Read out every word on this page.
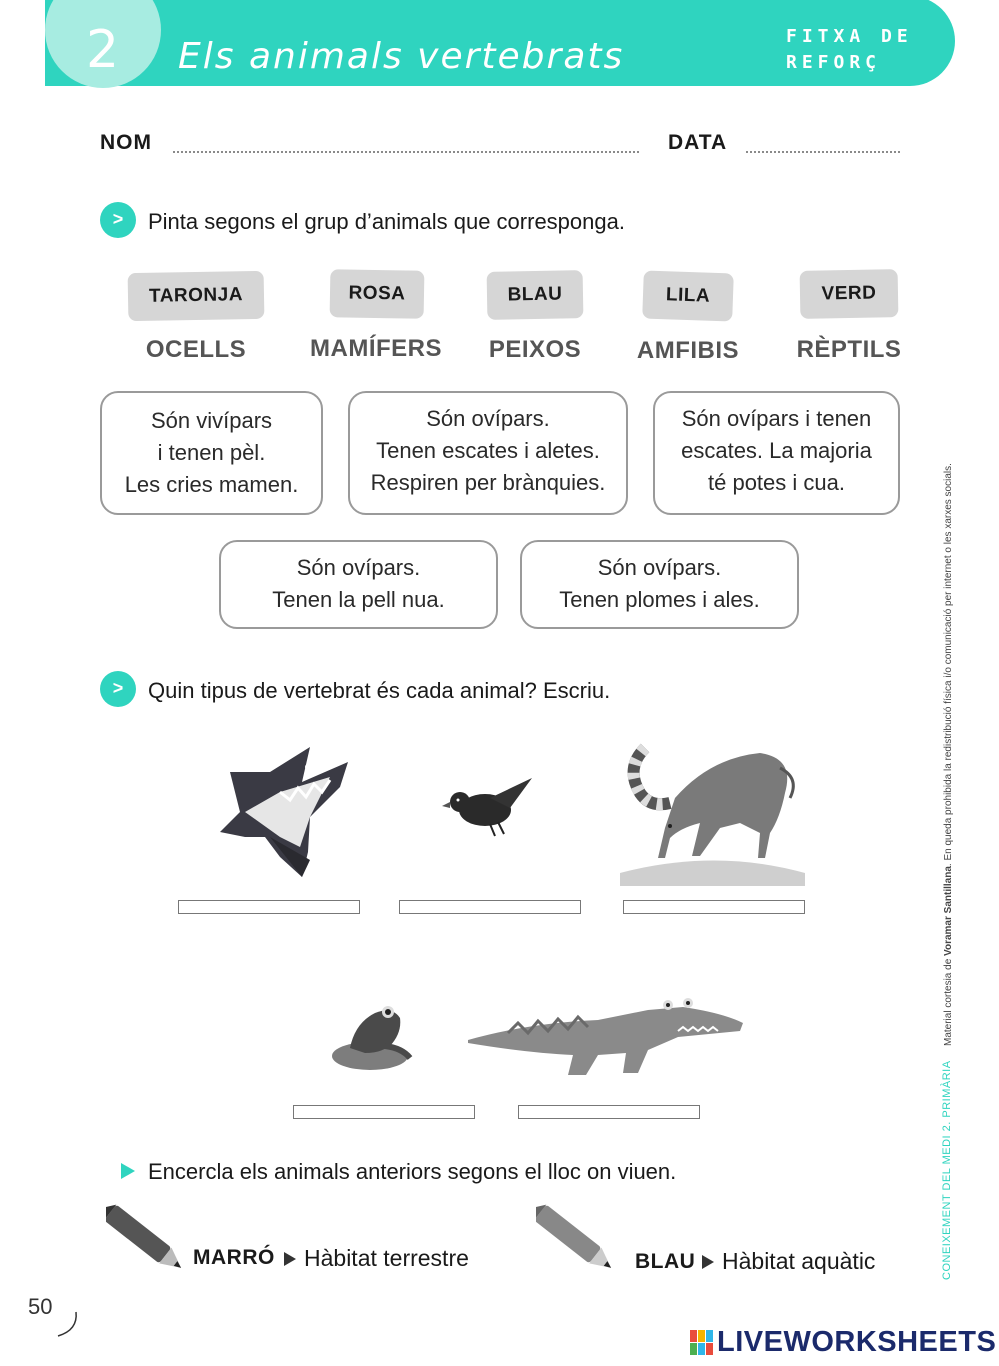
2 Els animals vertebrats	FITXA DE
REFORÇ
NOM	DATA
>	Pinta segons el grup d’animals que corresponga.
TARONJA	ROSA	BLAU	LILA	VERD
OCELLS	MAMÍFERS	PEIXOS	AMFIBIS	RÈPTILS
Són vivípars
i tenen pèl.
Les cries mamen.
Són ovípars.
Tenen escates i aletes.
Respiren per brànquies.
Són ovípars i tenen
escates. La majoria
té potes i cua.
Són ovípars.
Tenen la pell nua.
Són ovípars.
Tenen plomes i ales.
>	Quin tipus de vertebrat és cada animal? Escriu.
Encercla els animals anteriors segons el lloc on viuen.
MARRÓ Hàbitat terrestre	BLAU Hàbitat aquàtic
Material cortesia de Voramar Santillana. En queda prohibida la redistribució física i/o comunicació per internet o les xarxes socials.
CONEIXEMENT DEL MEDI 2. PRIMÀRIA
50
LIVEWORKSHEETS
